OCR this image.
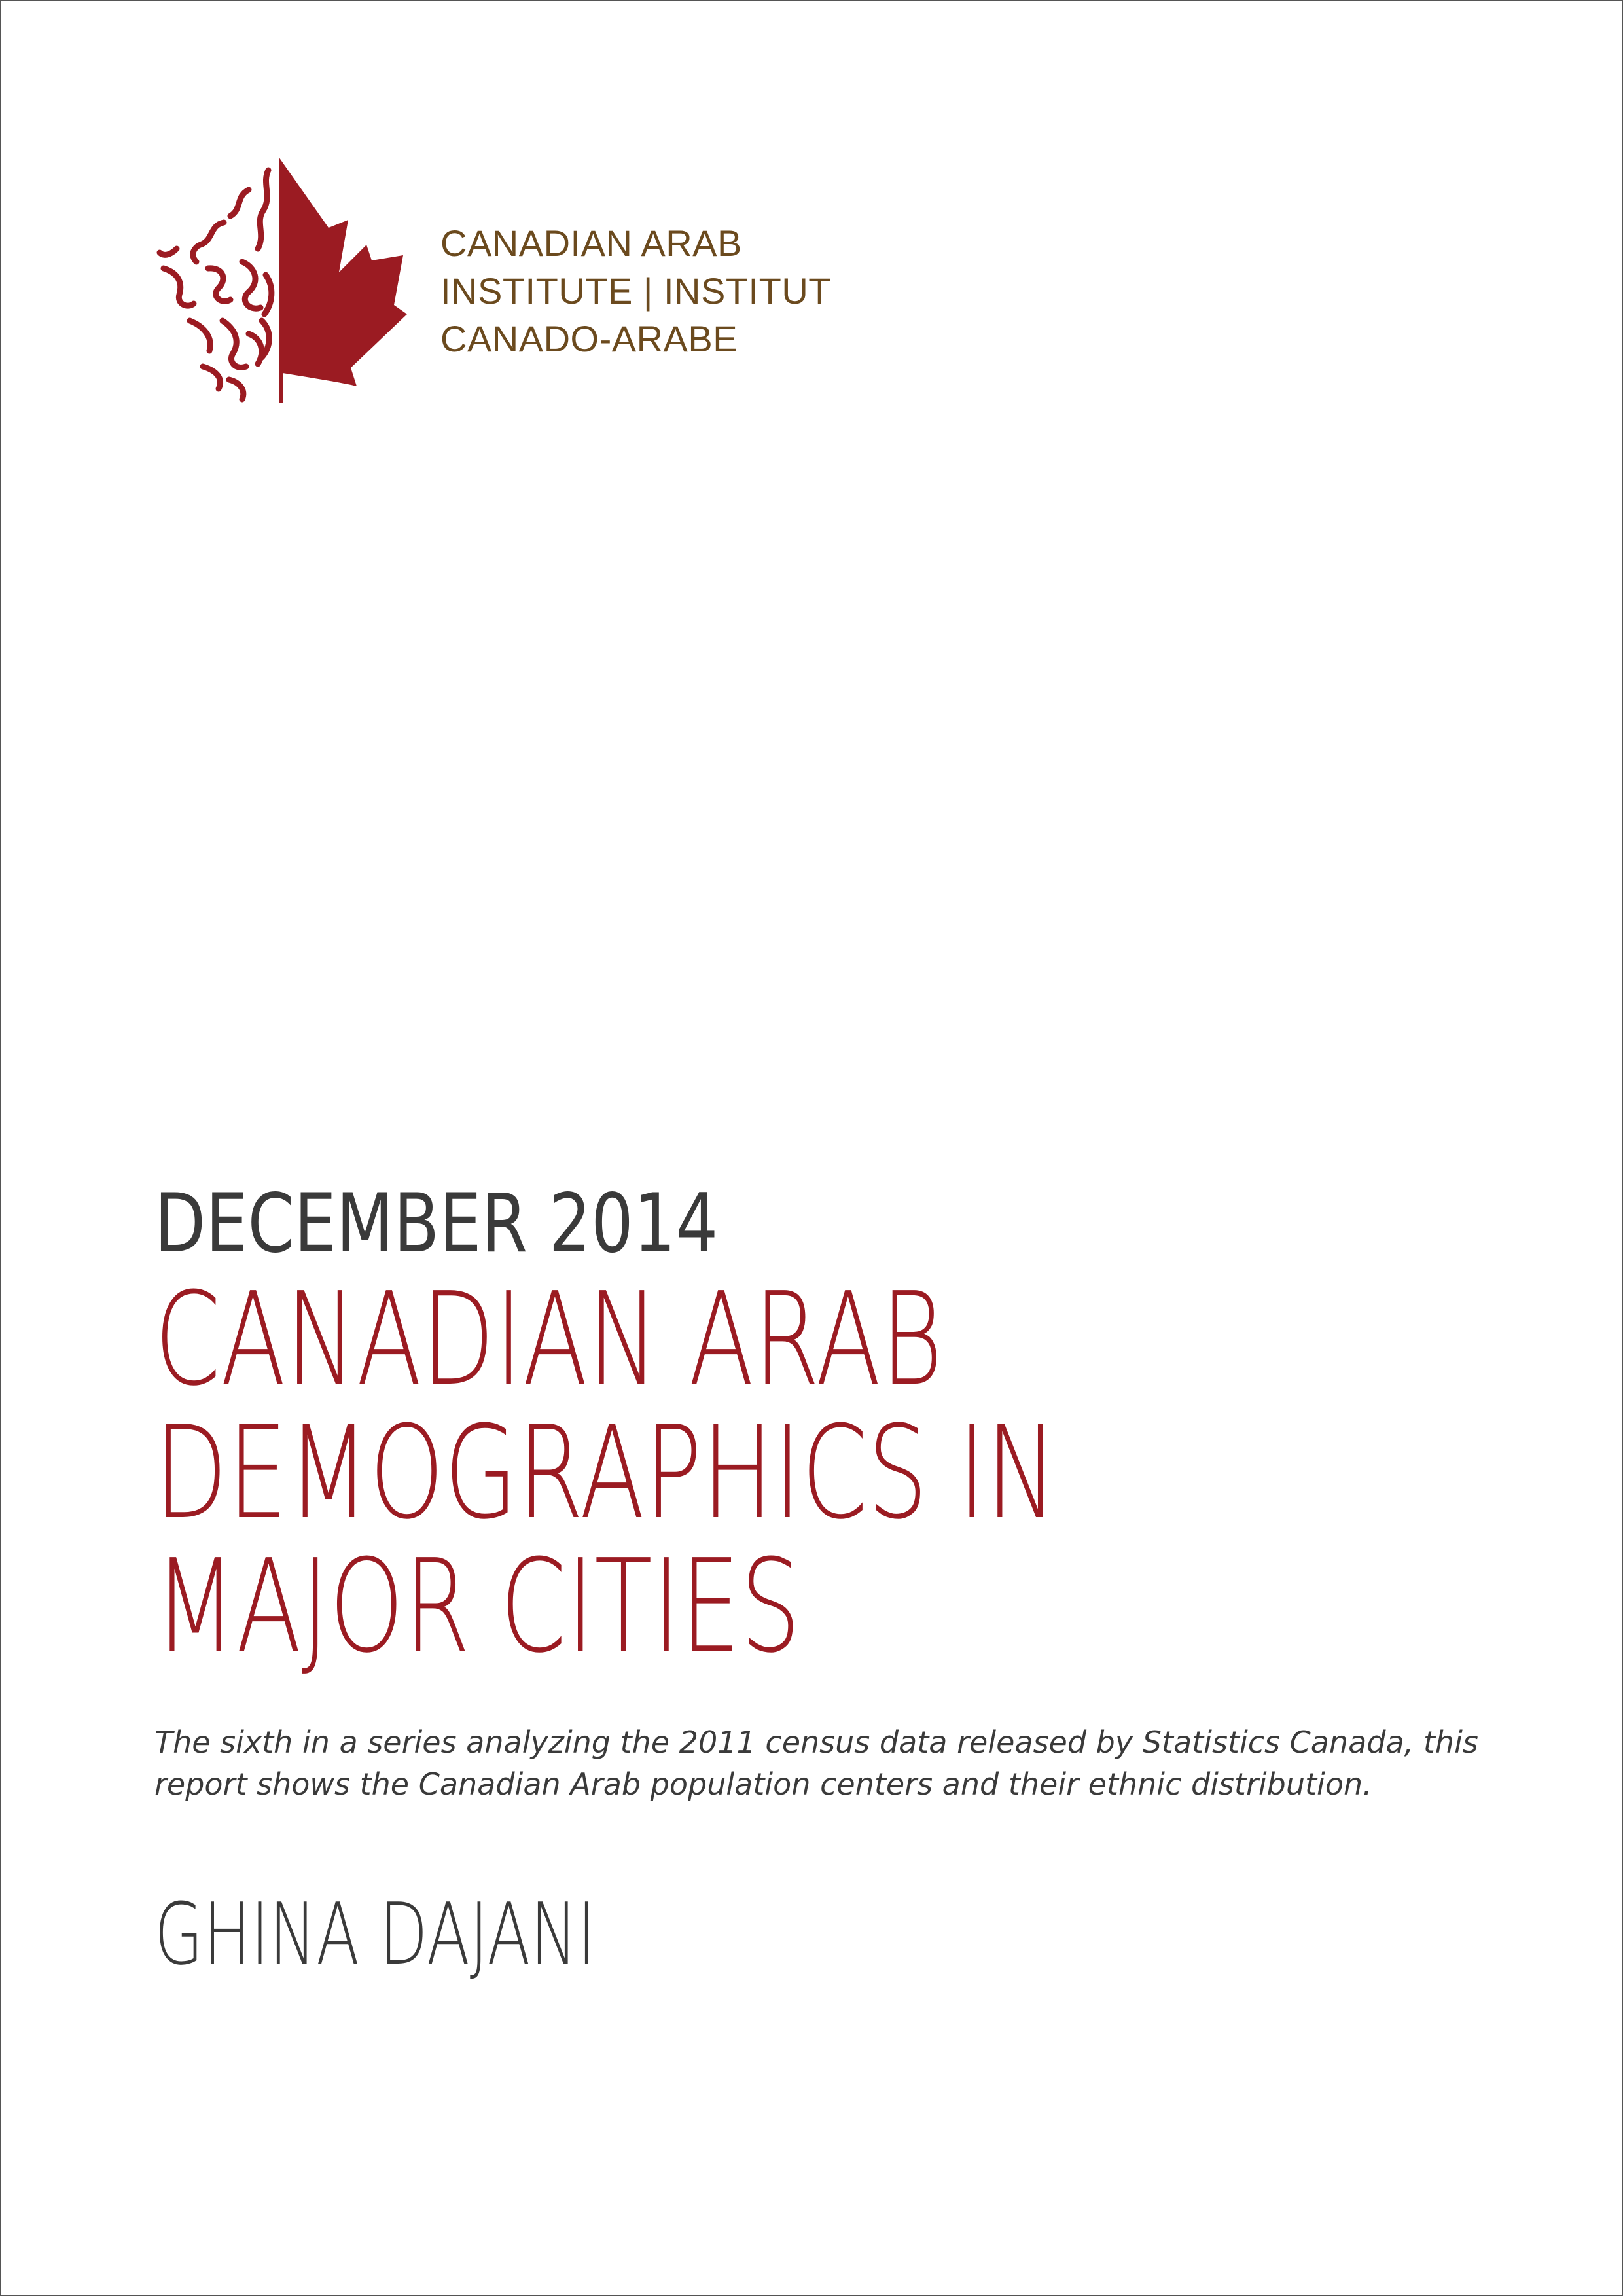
CANADIAN ARAB
INSTITUTE | INSTITUT
CANADO-ARABE
DECEMBER 2014
CANADIAN ARAB
DEMOGRAPHICS IN
MAJOR CITIES
The sixth in a series analyzing the 2011 census data released by Statistics Canada, this
report shows the Canadian Arab population centers and their ethnic distribution.
GHINA DAJANI
